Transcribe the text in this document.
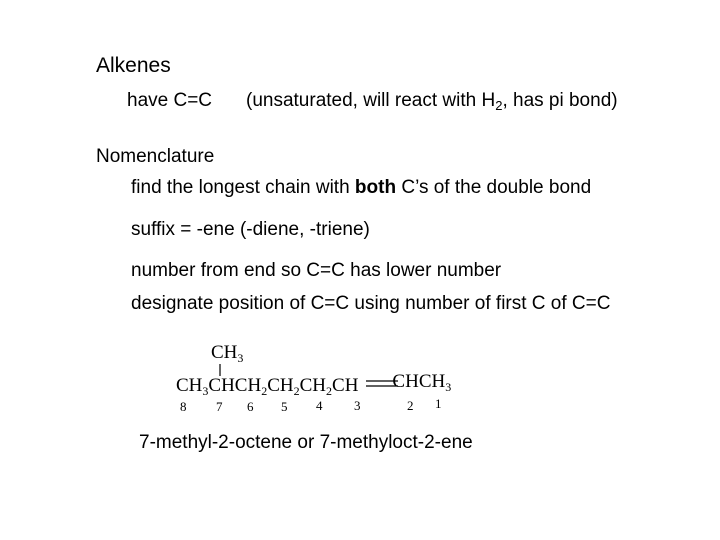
Alkenes
have C=C (unsaturated, will react with $H_2$, has pi bond)
Nomenclature
find the longest chain with both C’s of the double bond
suffix = -ene (-diene, -triene)
number from end so C=C has lower number
designate position of C=C using number of first C of C=C
$CH_3$
$CH_3CHCH_2CH_2CH_2CH$ $CHCH_3$
8 7 6 5 4 3	2 1
7-methyl-2-octene or 7-methyloct-2-ene
